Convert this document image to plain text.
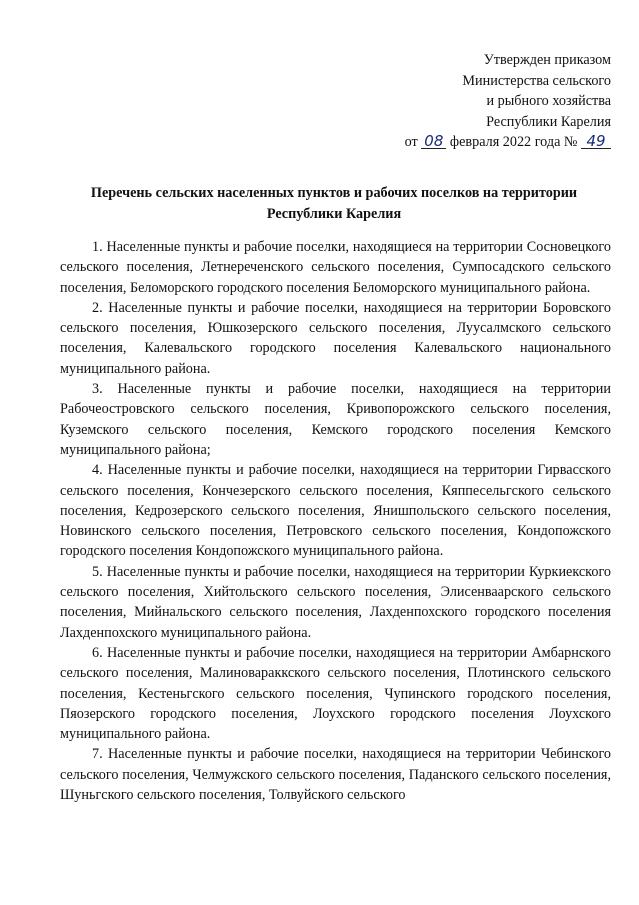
Утвержден приказом
Министерства сельского
и рыбного хозяйства
Республики Карелия
от 08 февраля 2022 года № 49
Перечень сельских населенных пунктов и рабочих поселков на территории Республики Карелия

1. Населенные пункты и рабочие поселки, находящиеся на территории Сосновецкого сельского поселения, Летнереченского сельского поселения, Сумпосадского сельского поселения, Беломорского городского поселения Беломорского муниципального района.

2. Населенные пункты и рабочие поселки, находящиеся на территории Боровского сельского поселения, Юшкозерского сельского поселения, Луусалмского сельского поселения, Калевальского городского поселения Калевальского национального муниципального района.

3. Населенные пункты и рабочие поселки, находящиеся на территории Рабочеостровского сельского поселения, Кривопорожского сельского поселения, Куземского сельского поселения, Кемского городского поселения Кемского муниципального района;

4. Населенные пункты и рабочие поселки, находящиеся на территории Гирвасского сельского поселения, Кончезерского сельского поселения, Кяппесельгского сельского поселения, Кедрозерского сельского поселения, Янишпольского сельского поселения, Новинского сельского поселения, Петровского сельского поселения, Кондопожского городского поселения Кондопожского муниципального района.

5. Населенные пункты и рабочие поселки, находящиеся на территории Куркиекского сельского поселения, Хийтольского сельского поселения, Элисенваарского сельского поселения, Мийнальского сельского поселения, Лахденпохского городского поселения Лахденпохского муниципального района.

6. Населенные пункты и рабочие поселки, находящиеся на территории Амбарнского сельского поселения, Малиновараккского сельского поселения, Плотинского сельского поселения, Кестеньгского сельского поселения, Чупинского городского поселения, Пяозерского городского поселения, Лоухского городского поселения Лоухского муниципального района.

7. Населенные пункты и рабочие поселки, находящиеся на территории Чебинского сельского поселения, Челмужского сельского поселения, Паданского сельского поселения, Шуньгского сельского поселения, Толвуйского сельского
